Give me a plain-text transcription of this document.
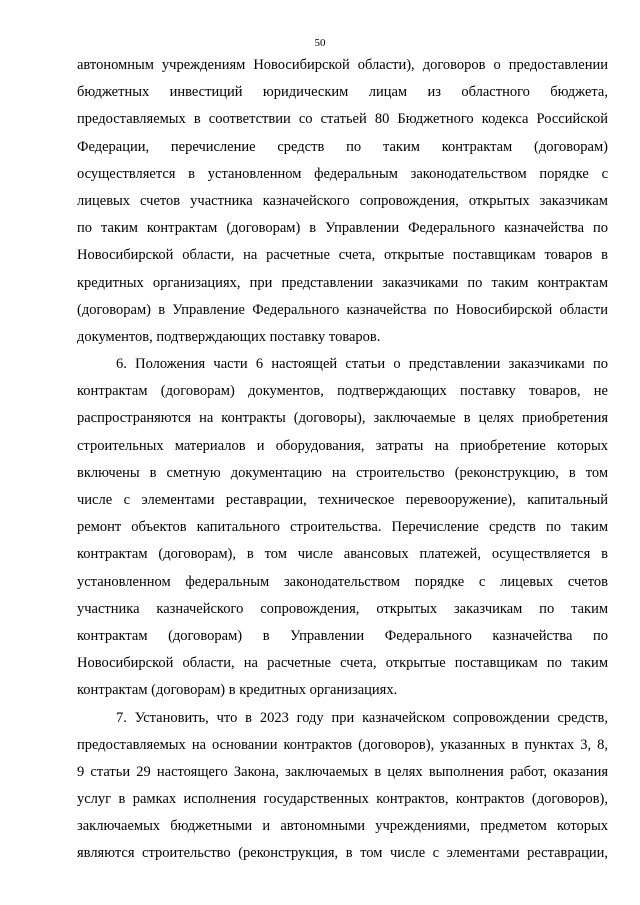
50
автономным учреждениям Новосибирской области), договоров о предоставлении
бюджетных инвестиций юридическим лицам из областного бюджета,
предоставляемых в соответствии со статьей 80 Бюджетного кодекса Российской
Федерации, перечисление средств по таким контрактам (договорам)
осуществляется в установленном федеральным законодательством порядке с
лицевых счетов участника казначейского сопровождения, открытых заказчикам
по таким контрактам (договорам) в Управлении Федерального казначейства по
Новосибирской области, на расчетные счета, открытые поставщикам товаров в
кредитных организациях, при представлении заказчиками по таким контрактам
(договорам) в Управление Федерального казначейства по Новосибирской области
документов, подтверждающих поставку товаров.
6. Положения части 6 настоящей статьи о представлении заказчиками по
контрактам (договорам) документов, подтверждающих поставку товаров, не
распространяются на контракты (договоры), заключаемые в целях приобретения
строительных материалов и оборудования, затраты на приобретение которых
включены в сметную документацию на строительство (реконструкцию, в том
числе с элементами реставрации, техническое перевооружение), капитальный
ремонт объектов капитального строительства. Перечисление средств по таким
контрактам (договорам), в том числе авансовых платежей, осуществляется в
установленном федеральным законодательством порядке с лицевых счетов
участника казначейского сопровождения, открытых заказчикам по таким
контрактам (договорам) в Управлении Федерального казначейства по
Новосибирской области, на расчетные счета, открытые поставщикам по таким
контрактам (договорам) в кредитных организациях.
7. Установить, что в 2023 году при казначейском сопровождении средств,
предоставляемых на основании контрактов (договоров), указанных в пунктах 3, 8,
9 статьи 29 настоящего Закона, заключаемых в целях выполнения работ, оказания
услуг в рамках исполнения государственных контрактов, контрактов (договоров),
заключаемых бюджетными и автономными учреждениями, предметом которых
являются строительство (реконструкция, в том числе с элементами реставрации,
